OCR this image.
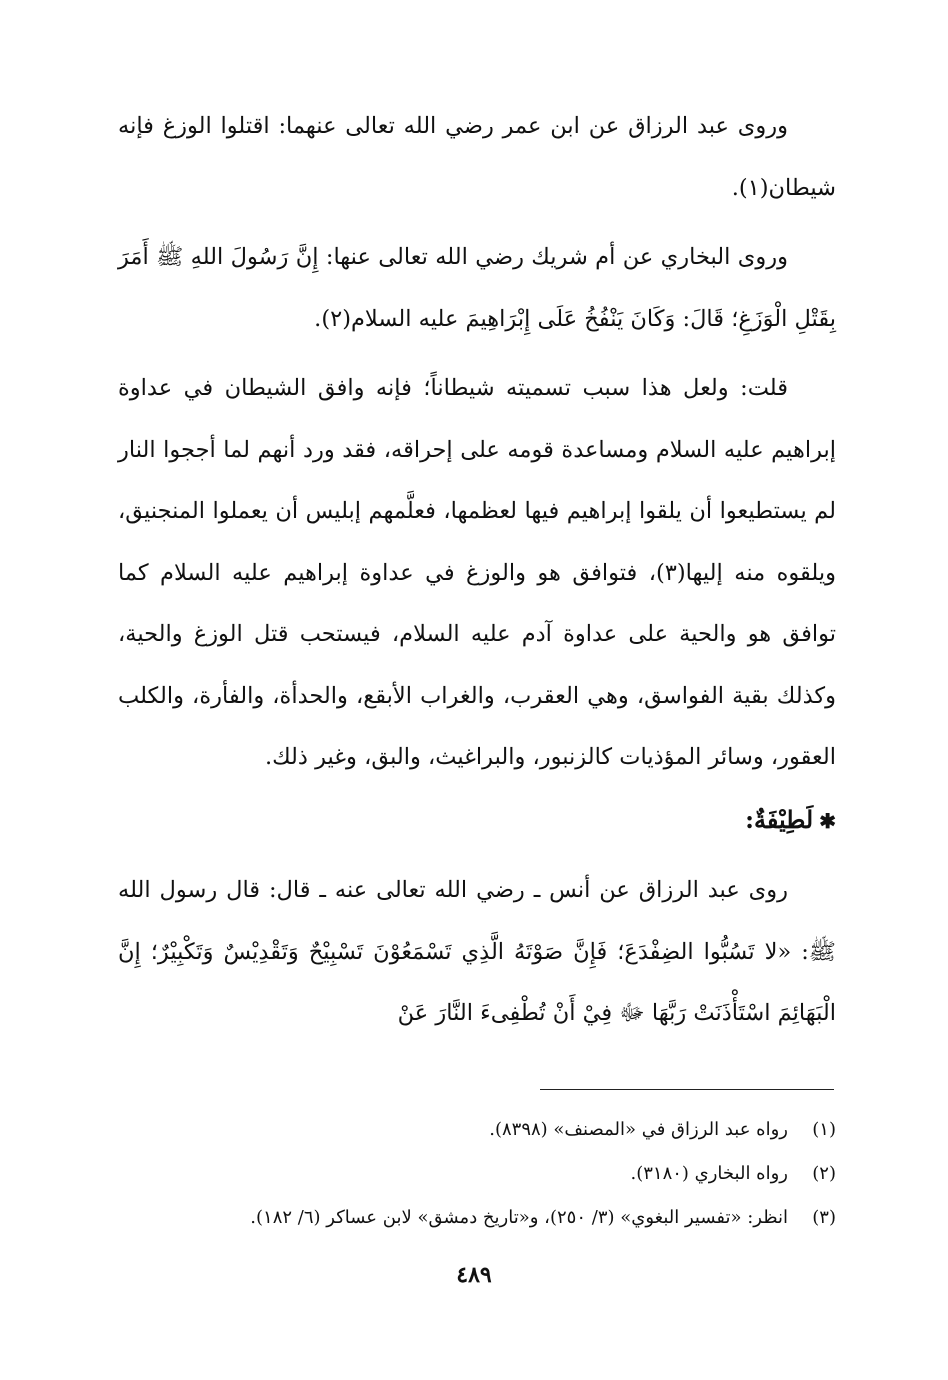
وروى عبد الرزاق عن ابن عمر رضي الله تعالى عنهما: اقتلوا الوزغ فإنه شيطان(١).

وروى البخاري عن أم شريك رضي الله تعالى عنها: إِنَّ رَسُولَ اللهِ ﷺ أَمَرَ بِقَتْلِ الْوَزَغِ؛ قَالَ: وَكَانَ يَنْفُخُ عَلَى إِبْرَاهِيمَ عليه السلام(٢).

قلت: ولعل هذا سبب تسميته شيطاناً؛ فإنه وافق الشيطان في عداوة إبراهيم عليه السلام ومساعدة قومه على إحراقه، فقد ورد أنهم لما أججوا النار لم يستطيعوا أن يلقوا إبراهيم فيها لعظمها، فعلَّمهم إبليس أن يعملوا المنجنيق، ويلقوه منه إليها(٣)، فتوافق هو والوزغ في عداوة إبراهيم عليه السلام كما توافق هو والحية على عداوة آدم عليه السلام، فيستحب قتل الوزغ والحية، وكذلك بقية الفواسق، وهي العقرب، والغراب الأبقع، والحدأة، والفأرة، والكلب العقور، وسائر المؤذيات كالزنبور، والبراغيث، والبق، وغير ذلك.

✱لَطِيْفَةٌ:

روى عبد الرزاق عن أنس ـ رضي الله تعالى عنه ـ قال: قال رسول الله ﷺ: «لا تَسُبُّوا الضِفْدَعَ؛ فَإِنَّ صَوْتَهُ الَّذِي تَسْمَعُوْنَ تَسْبِيْحٌ وَتَقْدِيْسٌ وَتَكْبِيْرٌ؛ إِنَّ الْبَهَائِمَ اسْتَأْذَنَتْ رَبَّهَا ﷻ فِيْ أَنْ تُطْفِىءَ النَّارَ عَنْ

(١)
رواه عبد الرزاق في «المصنف» (٨٣٩٨).
(٢)
رواه البخاري (٣١٨٠).
(٣)
انظر: «تفسير البغوي» (٣/ ٢٥٠)، و«تاريخ دمشق» لابن عساكر (٦/ ١٨٢).
٤٨٩
